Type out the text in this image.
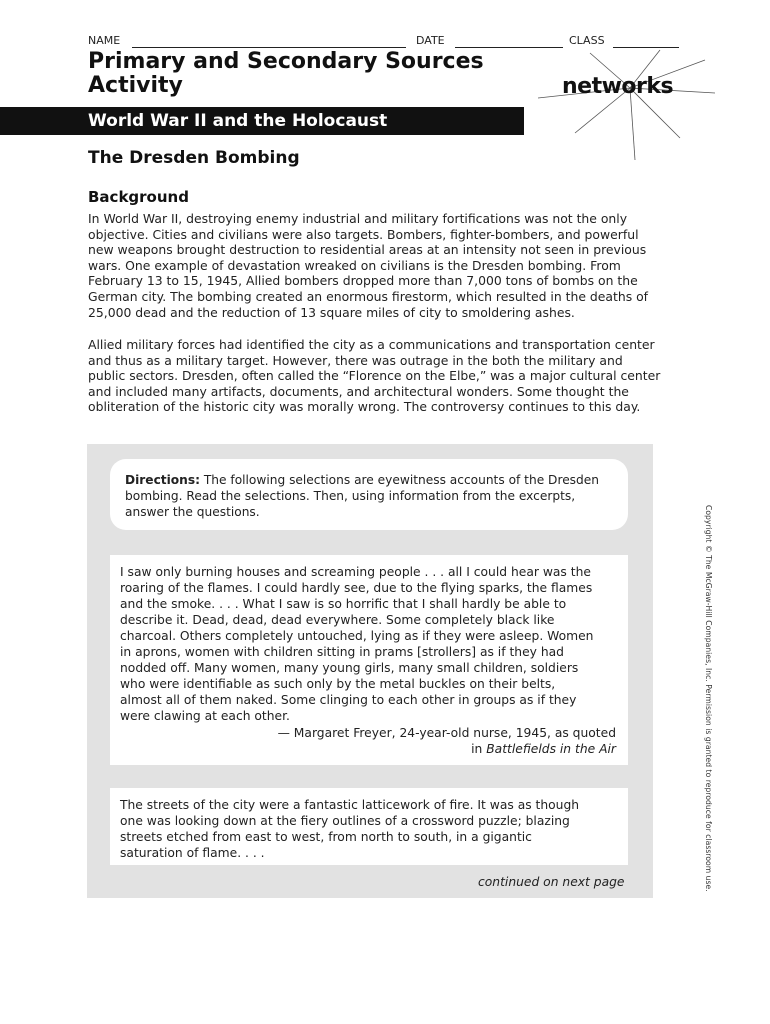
NAME	DATE	CLASS
Primary and Secondary Sources
Activity	networks
World War II and the Holocaust
The Dresden Bombing
Background
In World War II, destroying enemy industrial and military fortifications was not the only
objective. Cities and civilians were also targets. Bombers, fighter-bombers, and powerful
new weapons brought destruction to residential areas at an intensity not seen in previous
wars. One example of devastation wreaked on civilians is the Dresden bombing. From
February 13 to 15, 1945, Allied bombers dropped more than 7,000 tons of bombs on the
German city. The bombing created an enormous firestorm, which resulted in the deaths of
25,000 dead and the reduction of 13 square miles of city to smoldering ashes.
Allied military forces had identified the city as a communications and transportation center
and thus as a military target. However, there was outrage in the both the military and
public sectors. Dresden, often called the “Florence on the Elbe,” was a major cultural center
and included many artifacts, documents, and architectural wonders. Some thought the
obliteration of the historic city was morally wrong. The controversy continues to this day.
Directions: The following selections are eyewitness accounts of the Dresden
bombing. Read the selections. Then, using information from the excerpts,
answer the questions.
I saw only burning houses and screaming people . . . all I could hear was the
roaring of the flames. I could hardly see, due to the flying sparks, the flames
and the smoke. . . . What I saw is so horrific that I shall hardly be able to
describe it. Dead, dead, dead everywhere. Some completely black like
charcoal. Others completely untouched, lying as if they were asleep. Women
in aprons, women with children sitting in prams [strollers] as if they had
nodded off. Many women, many young girls, many small children, soldiers
who were identifiable as such only by the metal buckles on their belts,
almost all of them naked. Some clinging to each other in groups as if they
were clawing at each other.
— Margaret Freyer, 24-year-old nurse, 1945, as quoted
in Battlefields in the Air
The streets of the city were a fantastic latticework of fire. It was as though
one was looking down at the fiery outlines of a crossword puzzle; blazing
streets etched from east to west, from north to south, in a gigantic
saturation of flame. . . .
continued on next page	Copyright © The McGraw-Hill Companies, Inc. Permission is granted to reproduce for classroom use.
